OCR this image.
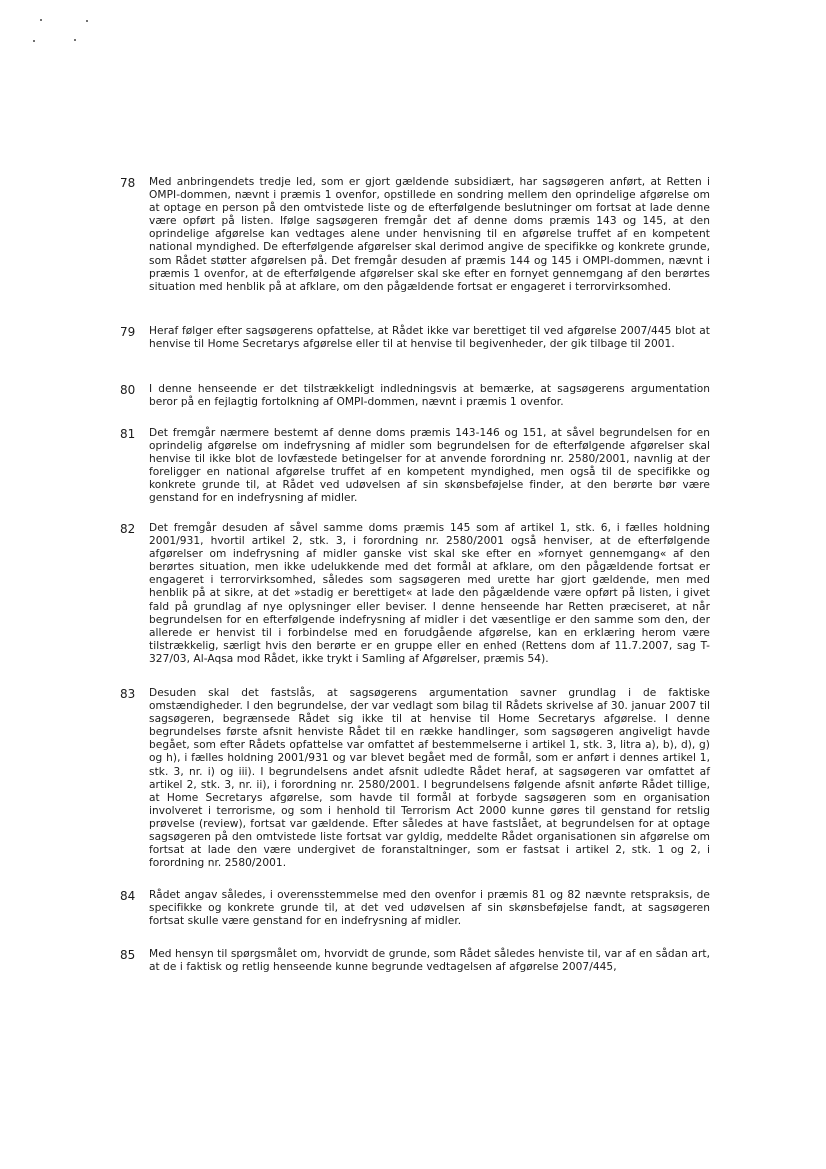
78	Med anbringendets tredje led, som er gjort gældende subsidiært, har sagsøgeren anført, at Retten i OMPI-dommen, nævnt i præmis 1 ovenfor, opstillede en sondring mellem den oprindelige afgørelse om at optage en person på den omtvistede liste og de efterfølgende beslutninger om fortsat at lade denne være opført på listen. Ifølge sagsøgeren fremgår det af denne doms præmis 143 og 145, at den oprindelige afgørelse kan vedtages alene under henvisning til en afgørelse truffet af en kompetent national myndighed. De efterfølgende afgørelser skal derimod angive de specifikke og konkrete grunde, som Rådet støtter afgørelsen på. Det fremgår desuden af præmis 144 og 145 i OMPI-dommen, nævnt i præmis 1 ovenfor, at de efterfølgende afgørelser skal ske efter en fornyet gennemgang af den berørtes situation med henblik på at afklare, om den pågældende fortsat er engageret i terrorvirksomhed.
79	Heraf følger efter sagsøgerens opfattelse, at Rådet ikke var berettiget til ved afgørelse 2007/445 blot at henvise til Home Secretarys afgørelse eller til at henvise til begivenheder, der gik tilbage til 2001.
80	I denne henseende er det tilstrækkeligt indledningsvis at bemærke, at sagsøgerens argumentation beror på en fejlagtig fortolkning af OMPI-dommen, nævnt i præmis 1 ovenfor.
81	Det fremgår nærmere bestemt af denne doms præmis 143-146 og 151, at såvel begrundelsen for en oprindelig afgørelse om indefrysning af midler som begrundelsen for de efterfølgende afgørelser skal henvise til ikke blot de lovfæstede betingelser for at anvende forordning nr. 2580/2001, navnlig at der foreligger en national afgørelse truffet af en kompetent myndighed, men også til de specifikke og konkrete grunde til, at Rådet ved udøvelsen af sin skønsbeføjelse finder, at den berørte bør være genstand for en indefrysning af midler.
82	Det fremgår desuden af såvel samme doms præmis 145 som af artikel 1, stk. 6, i fælles holdning 2001/931, hvortil artikel 2, stk. 3, i forordning nr. 2580/2001 også henviser, at de efterfølgende afgørelser om indefrysning af midler ganske vist skal ske efter en »fornyet gennemgang« af den berørtes situation, men ikke udelukkende med det formål at afklare, om den pågældende fortsat er engageret i terrorvirksomhed, således som sagsøgeren med urette har gjort gældende, men med henblik på at sikre, at det »stadig er berettiget« at lade den pågældende være opført på listen, i givet fald på grundlag af nye oplysninger eller beviser. I denne henseende har Retten præciseret, at når begrundelsen for en efterfølgende indefrysning af midler i det væsentlige er den samme som den, der allerede er henvist til i forbindelse med en forudgående afgørelse, kan en erklæring herom være tilstrækkelig, særligt hvis den berørte er en gruppe eller en enhed (Rettens dom af 11.7.2007, sag T-327/03, Al-Aqsa mod Rådet, ikke trykt i Samling af Afgørelser, præmis 54).
83	Desuden skal det fastslås, at sagsøgerens argumentation savner grundlag i de faktiske omstændigheder. I den begrundelse, der var vedlagt som bilag til Rådets skrivelse af 30. januar 2007 til sagsøgeren, begrænsede Rådet sig ikke til at henvise til Home Secretarys afgørelse. I denne begrundelses første afsnit henviste Rådet til en række handlinger, som sagsøgeren angiveligt havde begået, som efter Rådets opfattelse var omfattet af bestemmelserne i artikel 1, stk. 3, litra a), b), d), g) og h), i fælles holdning 2001/931 og var blevet begået med de formål, som er anført i dennes artikel 1, stk. 3, nr. i) og iii). I begrundelsens andet afsnit udledte Rådet heraf, at sagsøgeren var omfattet af artikel 2, stk. 3, nr. ii), i forordning nr. 2580/2001. I begrundelsens følgende afsnit anførte Rådet tillige, at Home Secretarys afgørelse, som havde til formål at forbyde sagsøgeren som en organisation involveret i terrorisme, og som i henhold til Terrorism Act 2000 kunne gøres til genstand for retslig prøvelse (review), fortsat var gældende. Efter således at have fastslået, at begrundelsen for at optage sagsøgeren på den omtvistede liste fortsat var gyldig, meddelte Rådet organisationen sin afgørelse om fortsat at lade den være undergivet de foranstaltninger, som er fastsat i artikel 2, stk. 1 og 2, i forordning nr. 2580/2001.
84	Rådet angav således, i overensstemmelse med den ovenfor i præmis 81 og 82 nævnte retspraksis, de specifikke og konkrete grunde til, at det ved udøvelsen af sin skønsbeføjelse fandt, at sagsøgeren fortsat skulle være genstand for en indefrysning af midler.
85	Med hensyn til spørgsmålet om, hvorvidt de grunde, som Rådet således henviste til, var af en sådan art, at de i faktisk og retlig henseende kunne begrunde vedtagelsen af afgørelse 2007/445,
